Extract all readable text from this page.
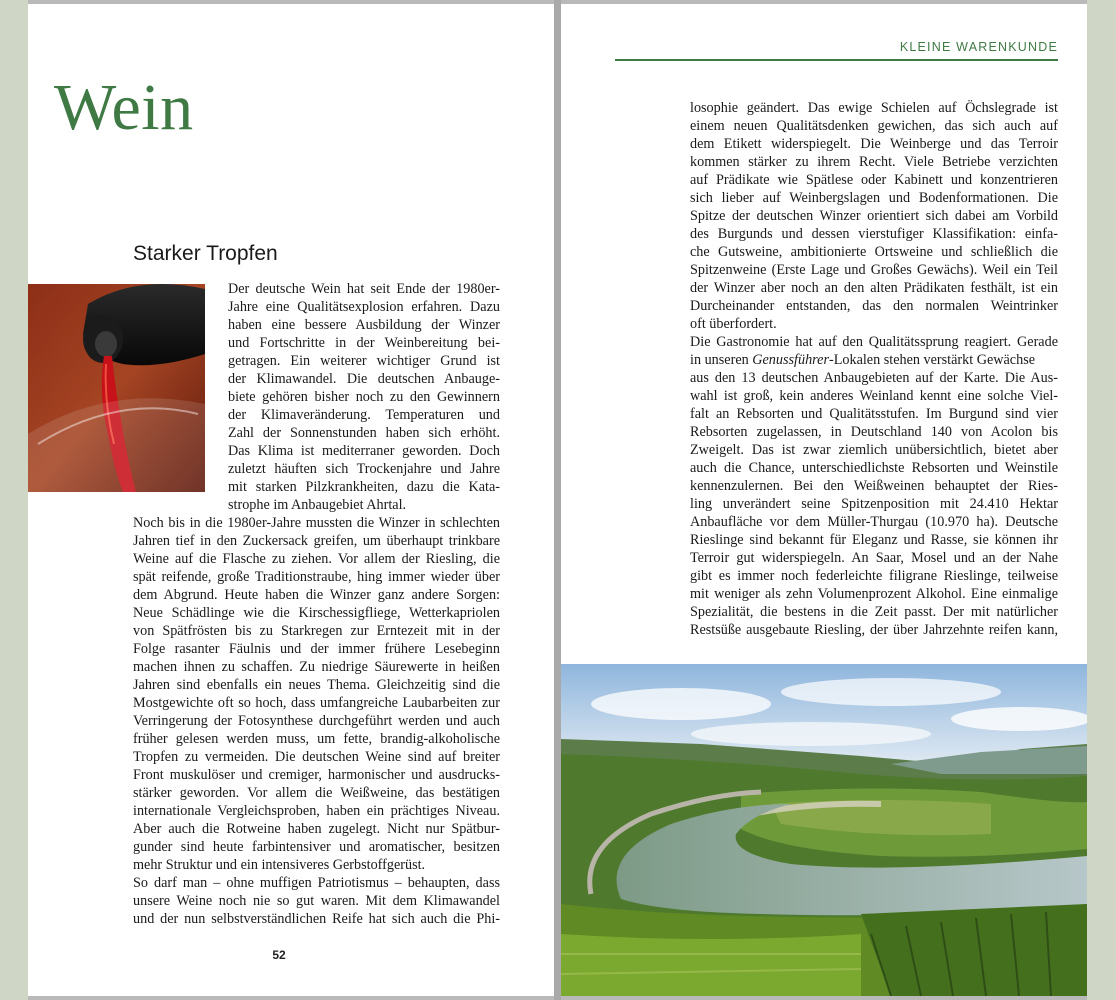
Wein
Starker Tropfen

Der deutsche Wein hat seit Ende der 1980er-

Jahre eine Qualitätsexplosion erfahren. Dazu

haben eine bessere Ausbildung der Winzer

und Fortschritte in der Weinbereitung bei-

getragen. Ein weiterer wichtiger Grund ist

der Klimawandel. Die deutschen Anbauge-

biete gehören bisher noch zu den Gewinnern

der Klimaveränderung. Temperaturen und

Zahl der Sonnenstunden haben sich erhöht.

Das Klima ist mediterraner geworden. Doch

zuletzt häuften sich Trockenjahre und Jahre

mit starken Pilzkrankheiten, dazu die Kata-

strophe im Anbaugebiet Ahrtal.

Noch bis in die 1980er-Jahre mussten die Winzer in schlechten

Jahren tief in den Zuckersack greifen, um überhaupt trinkbare

Weine auf die Flasche zu ziehen. Vor allem der Riesling, die

spät reifende, große Traditionstraube, hing immer wieder über

dem Abgrund. Heute haben die Winzer ganz andere Sorgen:

Neue Schädlinge wie die Kirschessigfliege, Wetterkapriolen

von Spätfrösten bis zu Starkregen zur Erntezeit mit in der

Folge rasanter Fäulnis und der immer frühere Lesebeginn

machen ihnen zu schaffen. Zu niedrige Säurewerte in heißen

Jahren sind ebenfalls ein neues Thema. Gleichzeitig sind die

Mostgewichte oft so hoch, dass umfangreiche Laubarbeiten zur

Verringerung der Fotosynthese durchgeführt werden und auch

früher gelesen werden muss, um fette, brandig-alkoholische

Tropfen zu vermeiden. Die deutschen Weine sind auf breiter

Front muskulöser und cremiger, harmonischer und ausdrucks-

stärker geworden. Vor allem die Weißweine, das bestätigen

internationale Vergleichsproben, haben ein prächtiges Niveau.

Aber auch die Rotweine haben zugelegt. Nicht nur Spätbur-

gunder sind heute farbintensiver und aromatischer, besitzen

mehr Struktur und ein intensiveres Gerbstoffgerüst.

So darf man – ohne muffigen Patriotismus – behaupten, dass

unsere Weine noch nie so gut waren. Mit dem Klimawandel

und der nun selbstverständlichen Reife hat sich auch die Phi-

52
KLEINE WARENKUNDE

losophie geändert. Das ewige Schielen auf Öchslegrade ist

einem neuen Qualitätsdenken gewichen, das sich auch auf

dem Etikett widerspiegelt. Die Weinberge und das Terroir

kommen stärker zu ihrem Recht. Viele Betriebe verzichten

auf Prädikate wie Spätlese oder Kabinett und konzentrieren

sich lieber auf Weinbergslagen und Bodenformationen. Die

Spitze der deutschen Winzer orientiert sich dabei am Vorbild

des Burgunds und dessen vierstufiger Klassifikation: einfa-

che Gutsweine, ambitionierte Ortsweine und schließlich die

Spitzenweine (Erste Lage und Großes Gewächs). Weil ein Teil

der Winzer aber noch an den alten Prädikaten festhält, ist ein

Durcheinander entstanden, das den normalen Weintrinker

oft überfordert.

Die Gastronomie hat auf den Qualitätssprung reagiert. Gerade

in unseren Genussführer-Lokalen stehen verstärkt Gewächse

aus den 13 deutschen Anbaugebieten auf der Karte. Die Aus-

wahl ist groß, kein anderes Weinland kennt eine solche Viel-

falt an Rebsorten und Qualitätsstufen. Im Burgund sind vier

Rebsorten zugelassen, in Deutschland 140 von Acolon bis

Zweigelt. Das ist zwar ziemlich unübersichtlich, bietet aber

auch die Chance, unterschiedlichste Rebsorten und Weinstile

kennenzulernen. Bei den Weißweinen behauptet der Ries-

ling unverändert seine Spitzenposition mit 24.410 Hektar

Anbaufläche vor dem Müller-Thurgau (10.970 ha). Deutsche

Rieslinge sind bekannt für Eleganz und Rasse, sie können ihr

Terroir gut widerspiegeln. An Saar, Mosel und an der Nahe

gibt es immer noch federleichte filigrane Rieslinge, teilweise

mit weniger als zehn Volumenprozent Alkohol. Eine einmalige

Spezialität, die bestens in die Zeit passt. Der mit natürlicher

Restsüße ausgebaute Riesling, der über Jahrzehnte reifen kann,
